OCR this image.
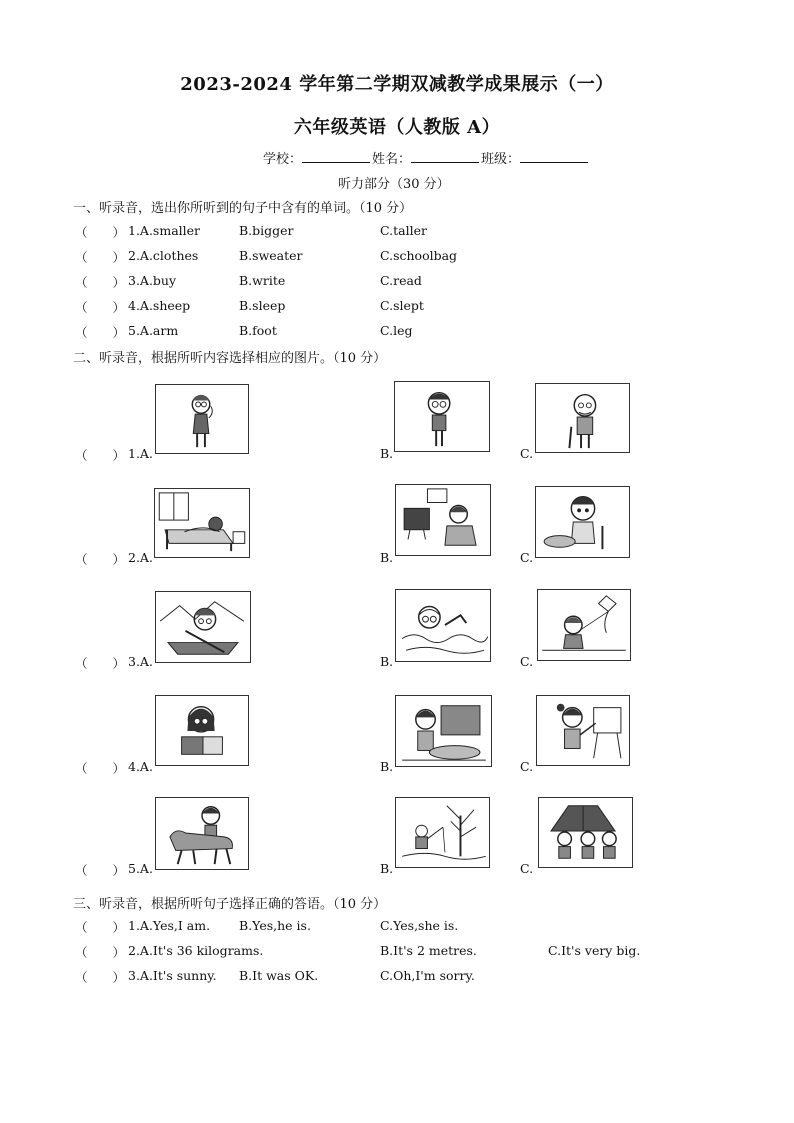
2023-2024 学年第二学期双减教学成果展示（一）
六年级英语（人教版 A）
学校：	姓名：	班级：
听力部分（30 分）
一、听录音，选出你所听到的句子中含有的单词。（10 分）
（　　） 1.A.smaller	B.bigger	C.taller
（　　） 2.A.clothes	B.sweater	C.schoolbag
（　　） 3.A.buy	B.write	C.read
（　　） 4.A.sheep	B.sleep	C.slept
（　　） 5.A.arm	B.foot	C.leg
二、听录音，根据所听内容选择相应的图片。（10 分）
（　　） 1.A.	B.	C.
（　　） 2.A.	B.	C.
（　　） 3.A.	B.	C.
（　　） 4.A.	B.	C.
（　　） 5.A.	B.	C.
三、听录音，根据所听句子选择正确的答语。（10 分）
（　　） 1.A.Yes,I am. B.Yes,he is.	C.Yes,she is.
（　　） 2.A.It's 36 kilograms.	B.It's 2 metres.	C.It's very big.
（　　） 3.A.It's sunny. B.It was OK.	C.Oh,I'm sorry.
